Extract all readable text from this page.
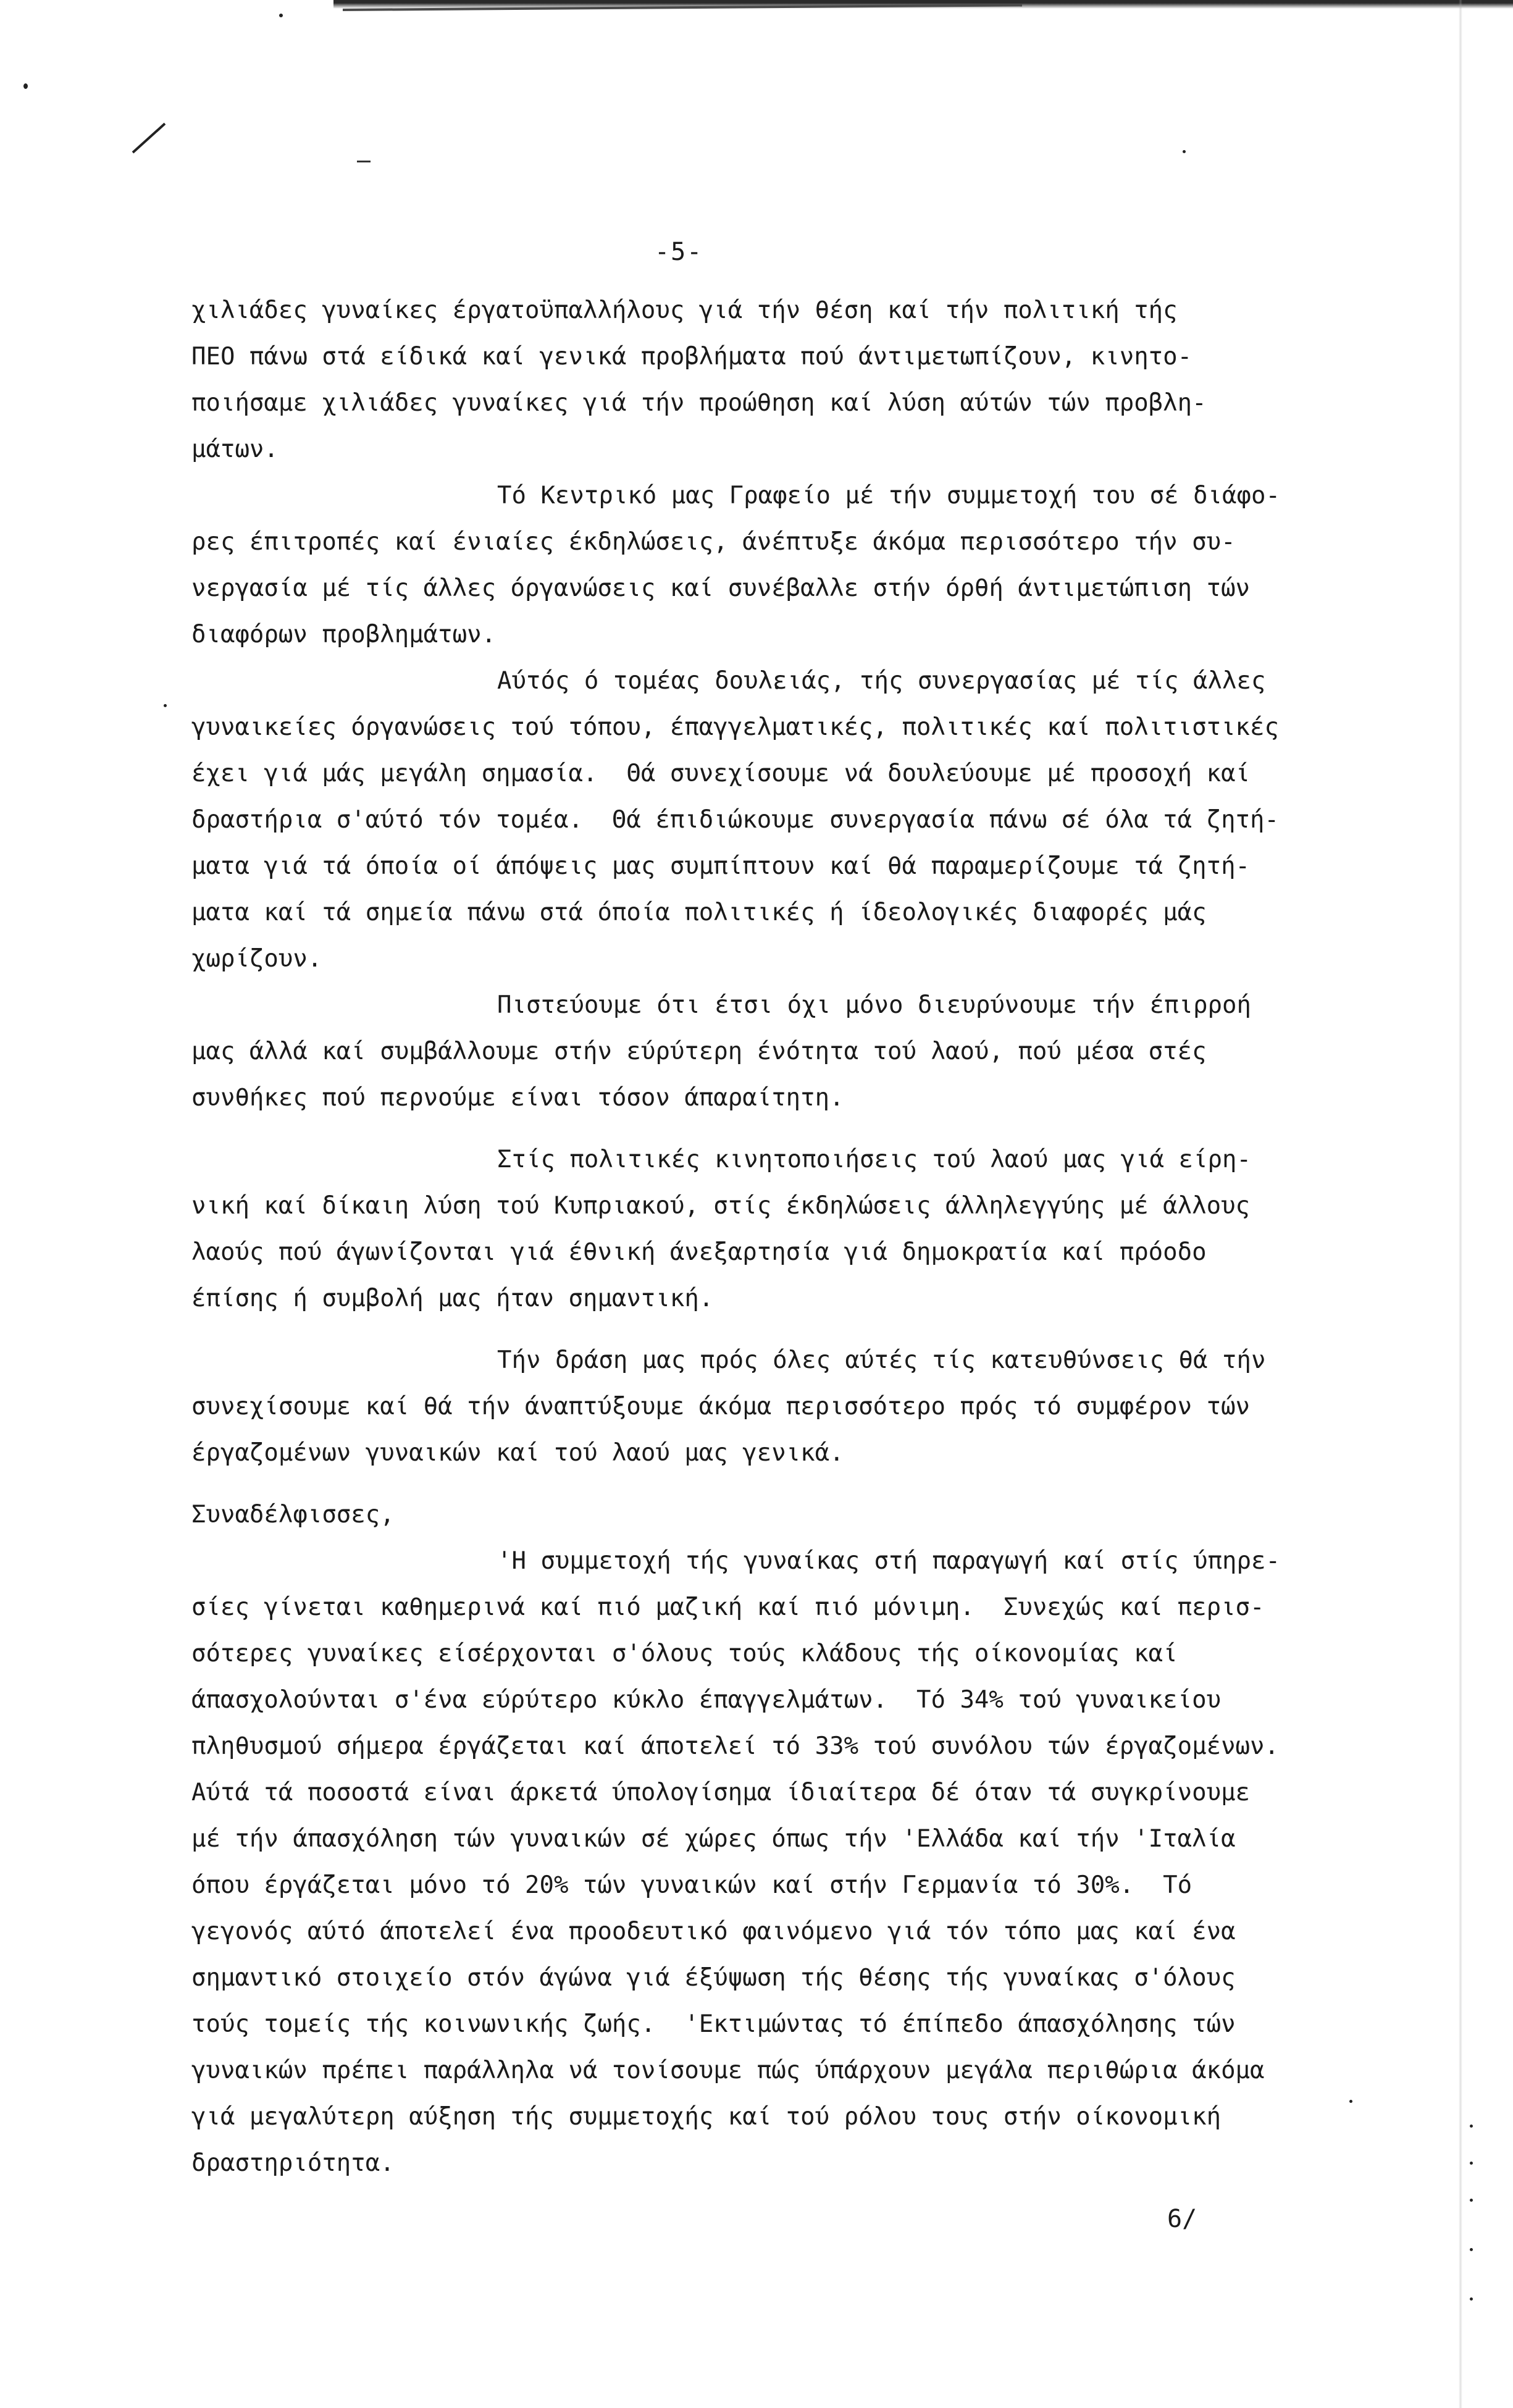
-5-
χιλιάδες γυναίκες έργατοϋπαλλήλους γιά τήν θέση καί τήν πολιτική τής
ΠΕΟ πάνω στά είδικά καί γενικά προβλήματα πού άντιμετωπίζουν, κινητο-
ποιήσαμε χιλιάδες γυναίκες γιά τήν προώθηση καί λύση αύτών τών προβλη-
μάτων.
Τό Κεντρικό μας Γραφείο μέ τήν συμμετοχή του σέ διάφο-
ρες έπιτροπές καί ένιαίες έκδηλώσεις, άνέπτυξε άκόμα περισσότερο τήν συ-
νεργασία μέ τίς άλλες όργανώσεις καί συνέβαλλε στήν όρθή άντιμετώπιση τών
διαφόρων προβλημάτων.
Αύτός ό τομέας δουλειάς, τής συνεργασίας μέ τίς άλλες
γυναικείες όργανώσεις τού τόπου, έπαγγελματικές, πολιτικές καί πολιτιστικές
έχει γιά μάς μεγάλη σημασία.  Θά συνεχίσουμε νά δουλεύουμε μέ προσοχή καί
δραστήρια σ'αύτό τόν τομέα.  Θά έπιδιώκουμε συνεργασία πάνω σέ όλα τά ζητή-
ματα γιά τά όποία οί άπόψεις μας συμπίπτουν καί θά παραμερίζουμε τά ζητή-
ματα καί τά σημεία πάνω στά όποία πολιτικές ή ίδεολογικές διαφορές μάς
χωρίζουν.
Πιστεύουμε ότι έτσι όχι μόνο διευρύνουμε τήν έπιρροή
μας άλλά καί συμβάλλουμε στήν εύρύτερη ένότητα τού λαού, πού μέσα στές
συνθήκες πού περνούμε είναι τόσον άπαραίτητη.
Στίς πολιτικές κινητοποιήσεις τού λαού μας γιά είρη-
νική καί δίκαιη λύση τού Κυπριακού, στίς έκδηλώσεις άλληλεγγύης μέ άλλους
λαούς πού άγωνίζονται γιά έθνική άνεξαρτησία γιά δημοκρατία καί πρόοδο
έπίσης ή συμβολή μας ήταν σημαντική.
Τήν δράση μας πρός όλες αύτές τίς κατευθύνσεις θά τήν
συνεχίσουμε καί θά τήν άναπτύξουμε άκόμα περισσότερο πρός τό συμφέρον τών
έργαζομένων γυναικών καί τού λαού μας γενικά.
Συναδέλφισσες,
'Η συμμετοχή τής γυναίκας στή παραγωγή καί στίς ύπηρε-
σίες γίνεται καθημερινά καί πιό μαζική καί πιό μόνιμη.  Συνεχώς καί περισ-
σότερες γυναίκες είσέρχονται σ'όλους τούς κλάδους τής οίκονομίας καί
άπασχολούνται σ'ένα εύρύτερο κύκλο έπαγγελμάτων.  Τό 34% τού γυναικείου
πληθυσμού σήμερα έργάζεται καί άποτελεί τό 33% τού συνόλου τών έργαζομένων.
Αύτά τά ποσοστά είναι άρκετά ύπολογίσημα ίδιαίτερα δέ όταν τά συγκρίνουμε
μέ τήν άπασχόληση τών γυναικών σέ χώρες όπως τήν 'Ελλάδα καί τήν 'Ιταλία
όπου έργάζεται μόνο τό 20% τών γυναικών καί στήν Γερμανία τό 30%.  Τό
γεγονός αύτό άποτελεί ένα προοδευτικό φαινόμενο γιά τόν τόπο μας καί ένα
σημαντικό στοιχείο στόν άγώνα γιά έξύψωση τής θέσης τής γυναίκας σ'όλους
τούς τομείς τής κοινωνικής ζωής.  'Εκτιμώντας τό έπίπεδο άπασχόλησης τών
γυναικών πρέπει παράλληλα νά τονίσουμε πώς ύπάρχουν μεγάλα περιθώρια άκόμα
γιά μεγαλύτερη αύξηση τής συμμετοχής καί τού ρόλου τους στήν οίκονομική
δραστηριότητα.
6/
